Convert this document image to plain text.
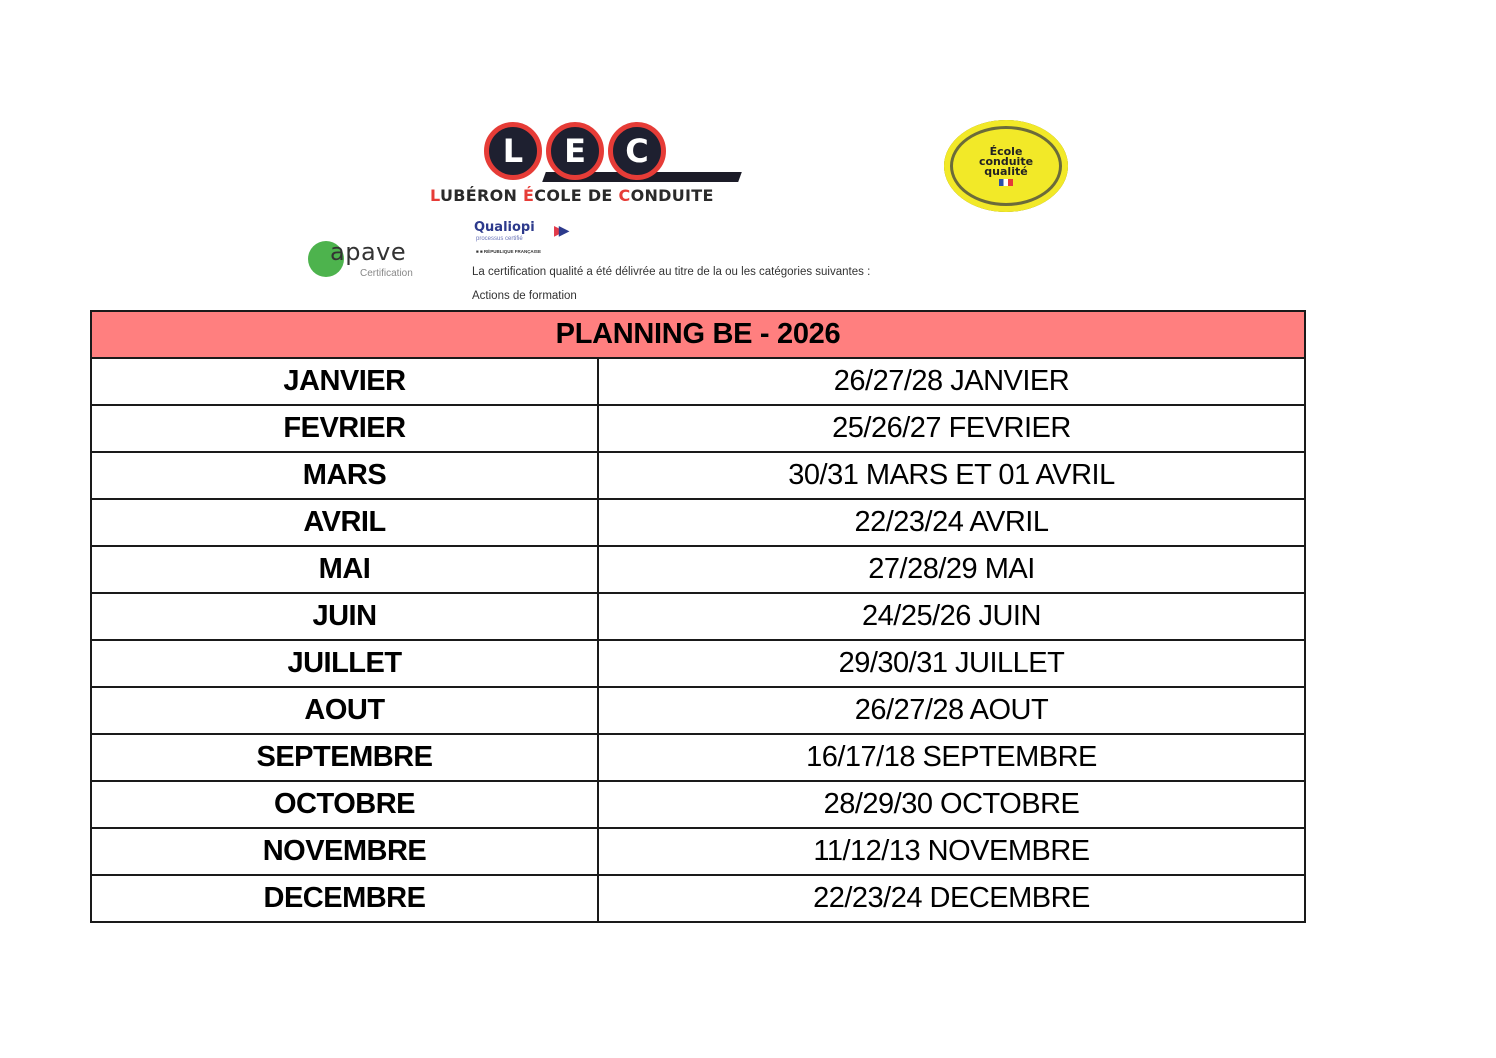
L	E	C
LUBÉRON ÉCOLE DE CONDUITE
École
conduite
qualité
apave
Certification
Qualiopi	▶▶
processus certifié
■ ■ RÉPUBLIQUE FRANÇAISE
La certification qualité a été délivrée au titre de la ou les catégories suivantes :
Actions de formation
PLANNING BE - 2026	
JANVIER	26/27/28 JANVIER
FEVRIER	25/26/27 FEVRIER
MARS	30/31 MARS ET 01 AVRIL
AVRIL	22/23/24 AVRIL
MAI	27/28/29 MAI
JUIN	24/25/26 JUIN
JUILLET	29/30/31 JUILLET
AOUT	26/27/28 AOUT
SEPTEMBRE	16/17/18 SEPTEMBRE
OCTOBRE	28/29/30 OCTOBRE
NOVEMBRE	11/12/13 NOVEMBRE
DECEMBRE	22/23/24 DECEMBRE
